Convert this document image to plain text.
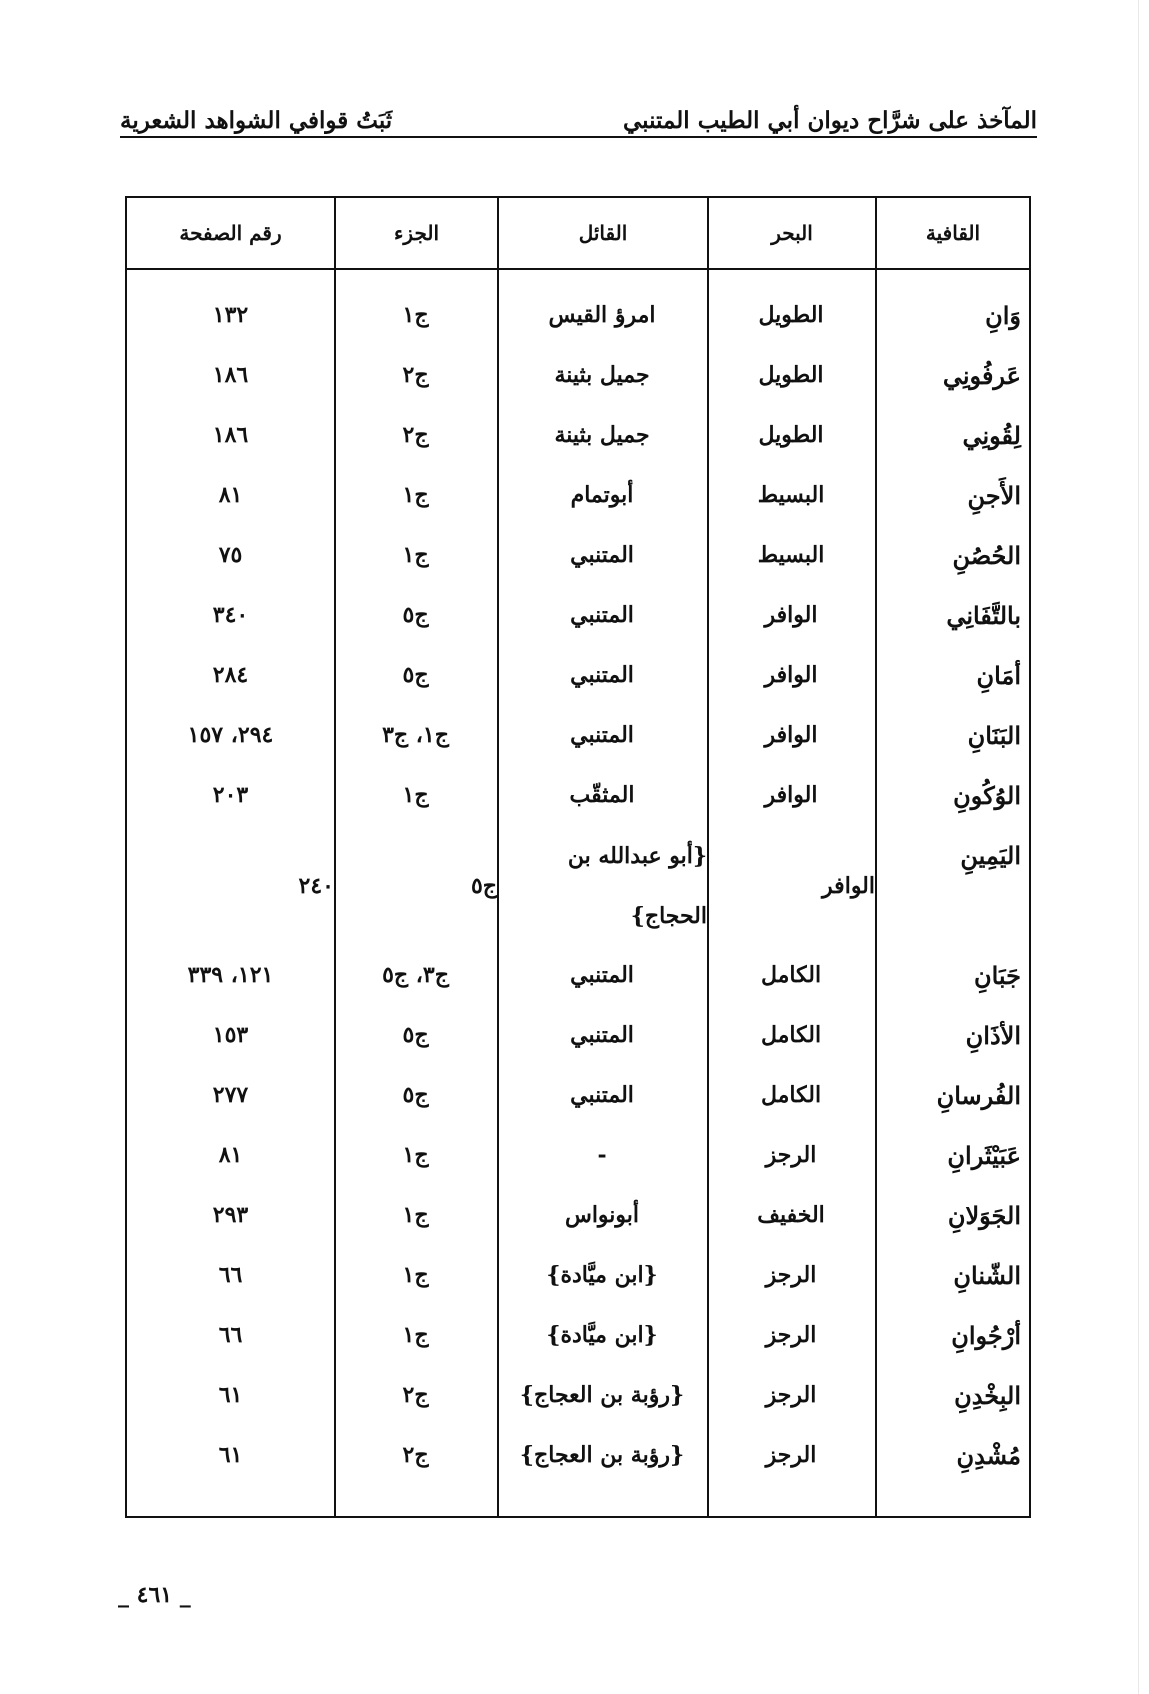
المآخذ على شرَّاح ديوان أبي الطيب المتنبي
ثَبَتُ قوافي الشواهد الشعرية
القافية
البحر
القائل
الجزء
رقم الصفحة
وَانِ
الطويل
امرؤ القيس
ج١
١٣٢
عَرفُونِي
الطويل
جميل بثينة
ج٢
١٨٦
لِقُونِي
الطويل
جميل بثينة
ج٢
١٨٦
الأَجنِ
البسيط
أبوتمام
ج١
٨١
الحُصُنِ
البسيط
المتنبي
ج١
٧٥
بالتَّفَانِي
الوافر
المتنبي
ج٥
٣٤٠
أمَانِ
الوافر
المتنبي
ج٥
٢٨٤
البَنَانِ
الوافر
المتنبي
ج١، ج٣
٢٩٤، ١٥٧
الوُكُونِ
الوافر
المثقّب
ج١
٢٠٣
اليَمِينِ
الوافر
{أبو عبدالله بن
الحجاج}
ج٥
٢٤٠
جَبَانِ
الكامل
المتنبي
ج٣، ج٥
١٢١، ٣٣٩
الأذَانِ
الكامل
المتنبي
ج٥
١٥٣
الفُرسانِ
الكامل
المتنبي
ج٥
٢٧٧
عَبَيْثَرانِ
الرجز
-
ج١
٨١
الجَوَلانِ
الخفيف
أبونواس
ج١
٢٩٣
الشّنانِ
الرجز
{ابن ميَّادة}
ج١
٦٦
أرْجُوانِ
الرجز
{ابن ميَّادة}
ج١
٦٦
البِخْدِنِ
الرجز
{رؤبة بن العجاج}
ج٢
٦١
مُشْدِنِ
الرجز
{رؤبة بن العجاج}
ج٢
٦١
_ ٤٦١ _
